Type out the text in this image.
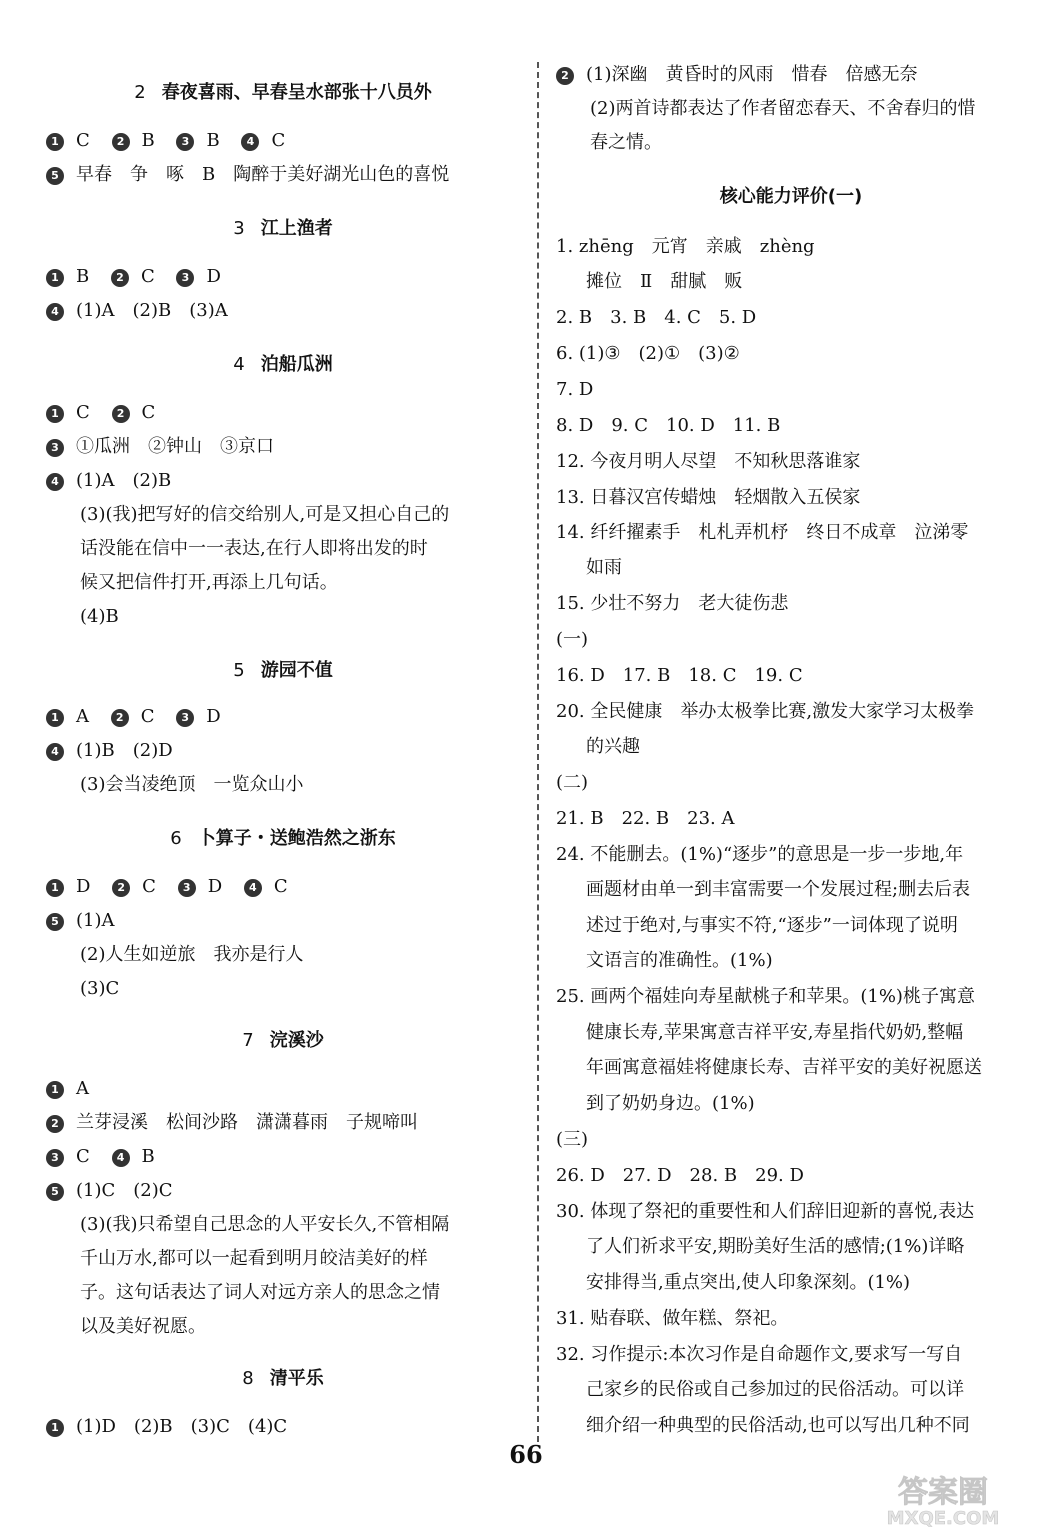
2 春夜喜雨、早春呈水部张十八员外
1 C 2 B 3 B 4 C
5 早春　争　啄　B　陶醉于美好湖光山色的喜悦
3 江上渔者
1 B 2 C 3 D
4 (1)A　(2)B　(3)A
4 泊船瓜洲
1 C 2 C
3 ①瓜洲　②钟山　③京口
4 (1)A　(2)B
(3)(我)把写好的信交给别人,可是又担心自己的
话没能在信中一一表达,在行人即将出发的时
候又把信件打开,再添上几句话。
(4)B
5 游园不值
1 A 2 C 3 D
4 (1)B　(2)D
(3)会当凌绝顶　一览众山小
6 卜算子・送鲍浩然之浙东
1 D 2 C 3 D 4 C
5 (1)A
(2)人生如逆旅　我亦是行人
(3)C
7 浣溪沙
1 A
2 兰芽浸溪　松间沙路　潇潇暮雨　子规啼叫
3 C 4 B
5 (1)C　(2)C
(3)(我)只希望自己思念的人平安长久,不管相隔
千山万水,都可以一起看到明月皎洁美好的样
子。这句话表达了词人对远方亲人的思念之情
以及美好祝愿。
8 清平乐
1 (1)D　(2)B　(3)C　(4)C
2 (1)深幽　黄昏时的风雨　惜春　倍感无奈
(2)两首诗都表达了作者留恋春天、不舍春归的惜
春之情。
核心能力评价(一)
1. zhēng　元宵　亲戚　zhèng
摊位　Ⅱ　甜腻　贩
2. B　3. B　4. C　5. D
6. (1)③　(2)①　(3)②
7. D
8. D　9. C　10. D　11. B
12. 今夜月明人尽望　不知秋思落谁家
13. 日暮汉宫传蜡烛　轻烟散入五侯家
14. 纤纤擢素手　札札弄机杼　终日不成章　泣涕零
如雨
15. 少壮不努力　老大徒伤悲
(一)
16. D　17. B　18. C　19. C
20. 全民健康　举办太极拳比赛,激发大家学习太极拳
的兴趣
(二)
21. B　22. B　23. A
24. 不能删去。(1%)“逐步”的意思是一步一步地,年
画题材由单一到丰富需要一个发展过程;删去后表
述过于绝对,与事实不符,“逐步”一词体现了说明
文语言的准确性。(1%)
25. 画两个福娃向寿星献桃子和苹果。(1%)桃子寓意
健康长寿,苹果寓意吉祥平安,寿星指代奶奶,整幅
年画寓意福娃将健康长寿、吉祥平安的美好祝愿送
到了奶奶身边。(1%)
(三)
26. D　27. D　28. B　29. D
30. 体现了祭祀的重要性和人们辞旧迎新的喜悦,表达
了人们祈求平安,期盼美好生活的感情;(1%)详略
安排得当,重点突出,使人印象深刻。(1%)
31. 贴春联、做年糕、祭祀。
32. 习作提示:本次习作是自命题作文,要求写一写自
己家乡的民俗或自己参加过的民俗活动。可以详
细介绍一种典型的民俗活动,也可以写出几种不同
66
答案圈
MXQE.COM
